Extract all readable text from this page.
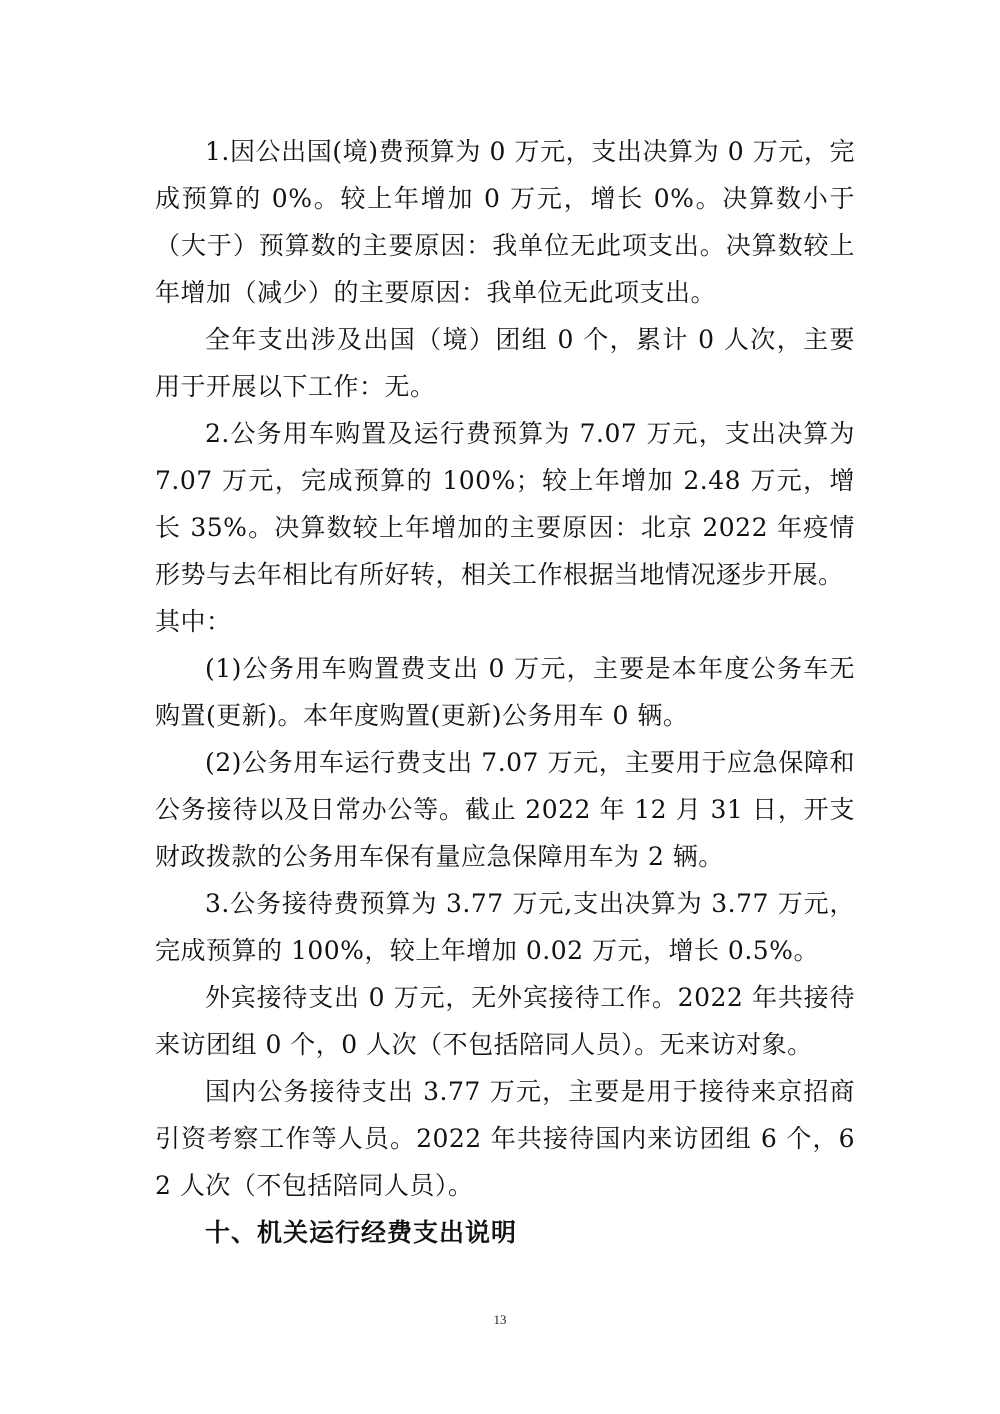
1.因公出国(境)费预算为 0 万元，支出决算为 0 万元，完成预算的 0%。较上年增加 0 万元，增长 0%。决算数小于（大于）预算数的主要原因：我单位无此项支出。决算数较上年增加（减少）的主要原因：我单位无此项支出。

全年支出涉及出国（境）团组 0 个，累计 0 人次，主要用于开展以下工作：无。

2.公务用车购置及运行费预算为 7.07 万元，支出决算为 7.07 万元，完成预算的 100%；较上年增加 2.48 万元，增长 35%。决算数较上年增加的主要原因：北京 2022 年疫情形势与去年相比有所好转，相关工作根据当地情况逐步开展。

其中：

(1)公务用车购置费支出 0 万元，主要是本年度公务车无购置(更新)。本年度购置(更新)公务用车 0 辆。

(2)公务用车运行费支出 7.07 万元，主要用于应急保障和公务接待以及日常办公等。截止 2022 年 12 月 31 日，开支财政拨款的公务用车保有量应急保障用车为 2 辆。

3.公务接待费预算为 3.77 万元,支出决算为 3.77 万元，完成预算的 100%，较上年增加 0.02 万元，增长 0.5%。

外宾接待支出 0 万元，无外宾接待工作。2022 年共接待来访团组 0 个，0 人次（不包括陪同人员）。无来访对象。

国内公务接待支出 3.77 万元，主要是用于接待来京招商引资考察工作等人员。2022 年共接待国内来访团组 6 个，62 人次（不包括陪同人员）。

十、机关运行经费支出说明
13
